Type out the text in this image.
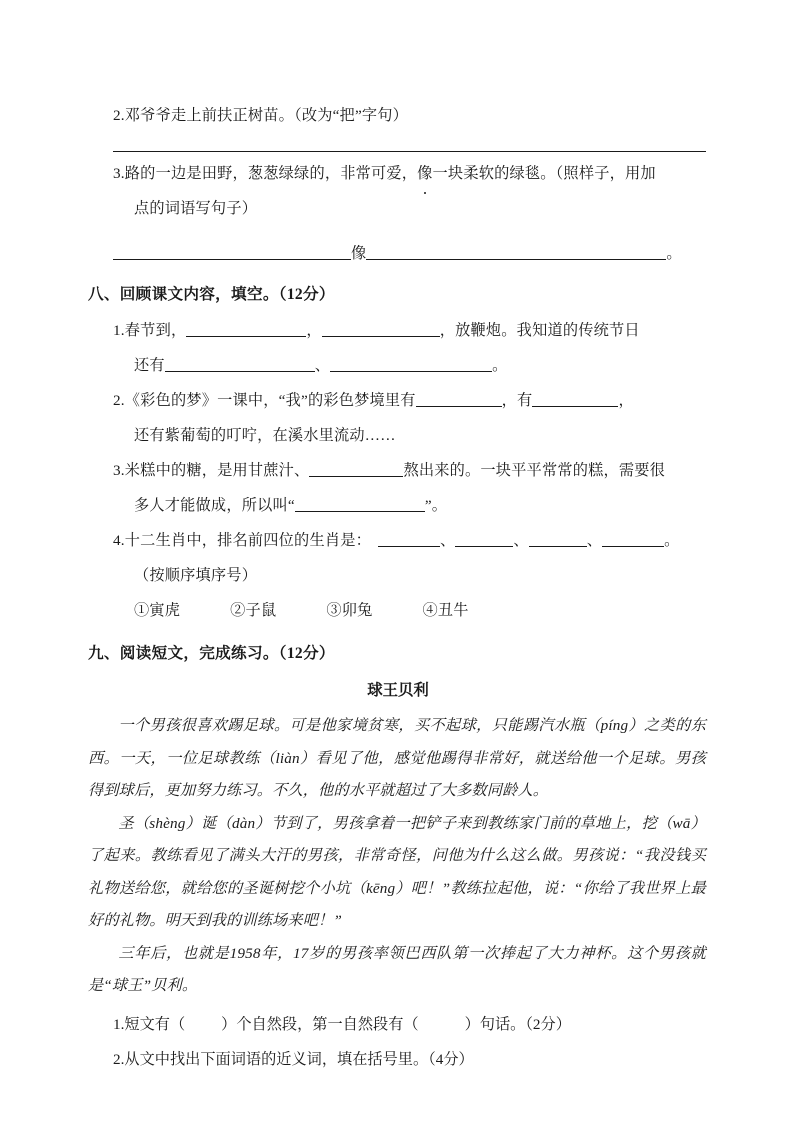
2.邓爷爷走上前扶正树苗。（改为“把”字句）
3.路的一边是田野，葱葱绿绿的，非常可爱，像一块柔软的绿毯。（照样子，用加
点的词语写句子）
像	。
八、回顾课文内容，填空。（12分）
1.春节到，	，	，放鞭炮。我知道的传统节日
还有	、	。
2.《彩色的梦》一课中，“我”的彩色梦境里有	，有	，
还有紫葡萄的叮咛，在溪水里流动……
3.米糕中的糖，是用甘蔗汁、	熬出来的。一块平平常常的糕，需要很
多人才能做成，所以叫“	”。
4.十二生肖中，排名前四位的生肖是：	、	、	、	。
（按顺序填序号）
①寅虎	②子鼠	③卯兔	④丑牛
九、阅读短文，完成练习。（12分）
球王贝利

一个男孩很喜欢踢足球。可是他家境贫寒，买不起球，只能踢汽水瓶（píng）之类的东西。一天，一位足球教练（liàn）看见了他，感觉他踢得非常好，就送给他一个足球。男孩得到球后，更加努力练习。不久，他的水平就超过了大多数同龄人。

圣（shèng）诞（dàn）节到了，男孩拿着一把铲子来到教练家门前的草地上，挖（wā）了起来。教练看见了满头大汗的男孩，非常奇怪，问他为什么这么做。男孩说：“我没钱买礼物送给您，就给您的圣诞树挖个小坑（kēng）吧！”教练拉起他，说：“你给了我世界上最好的礼物。明天到我的训练场来吧！”

三年后，也就是1958年，17岁的男孩率领巴西队第一次捧起了大力神杯。这个男孩就是“球王”贝利。

1.短文有（ ）个自然段，第一自然段有（	）句话。（2分）
2.从文中找出下面词语的近义词，填在括号里。（4分）
